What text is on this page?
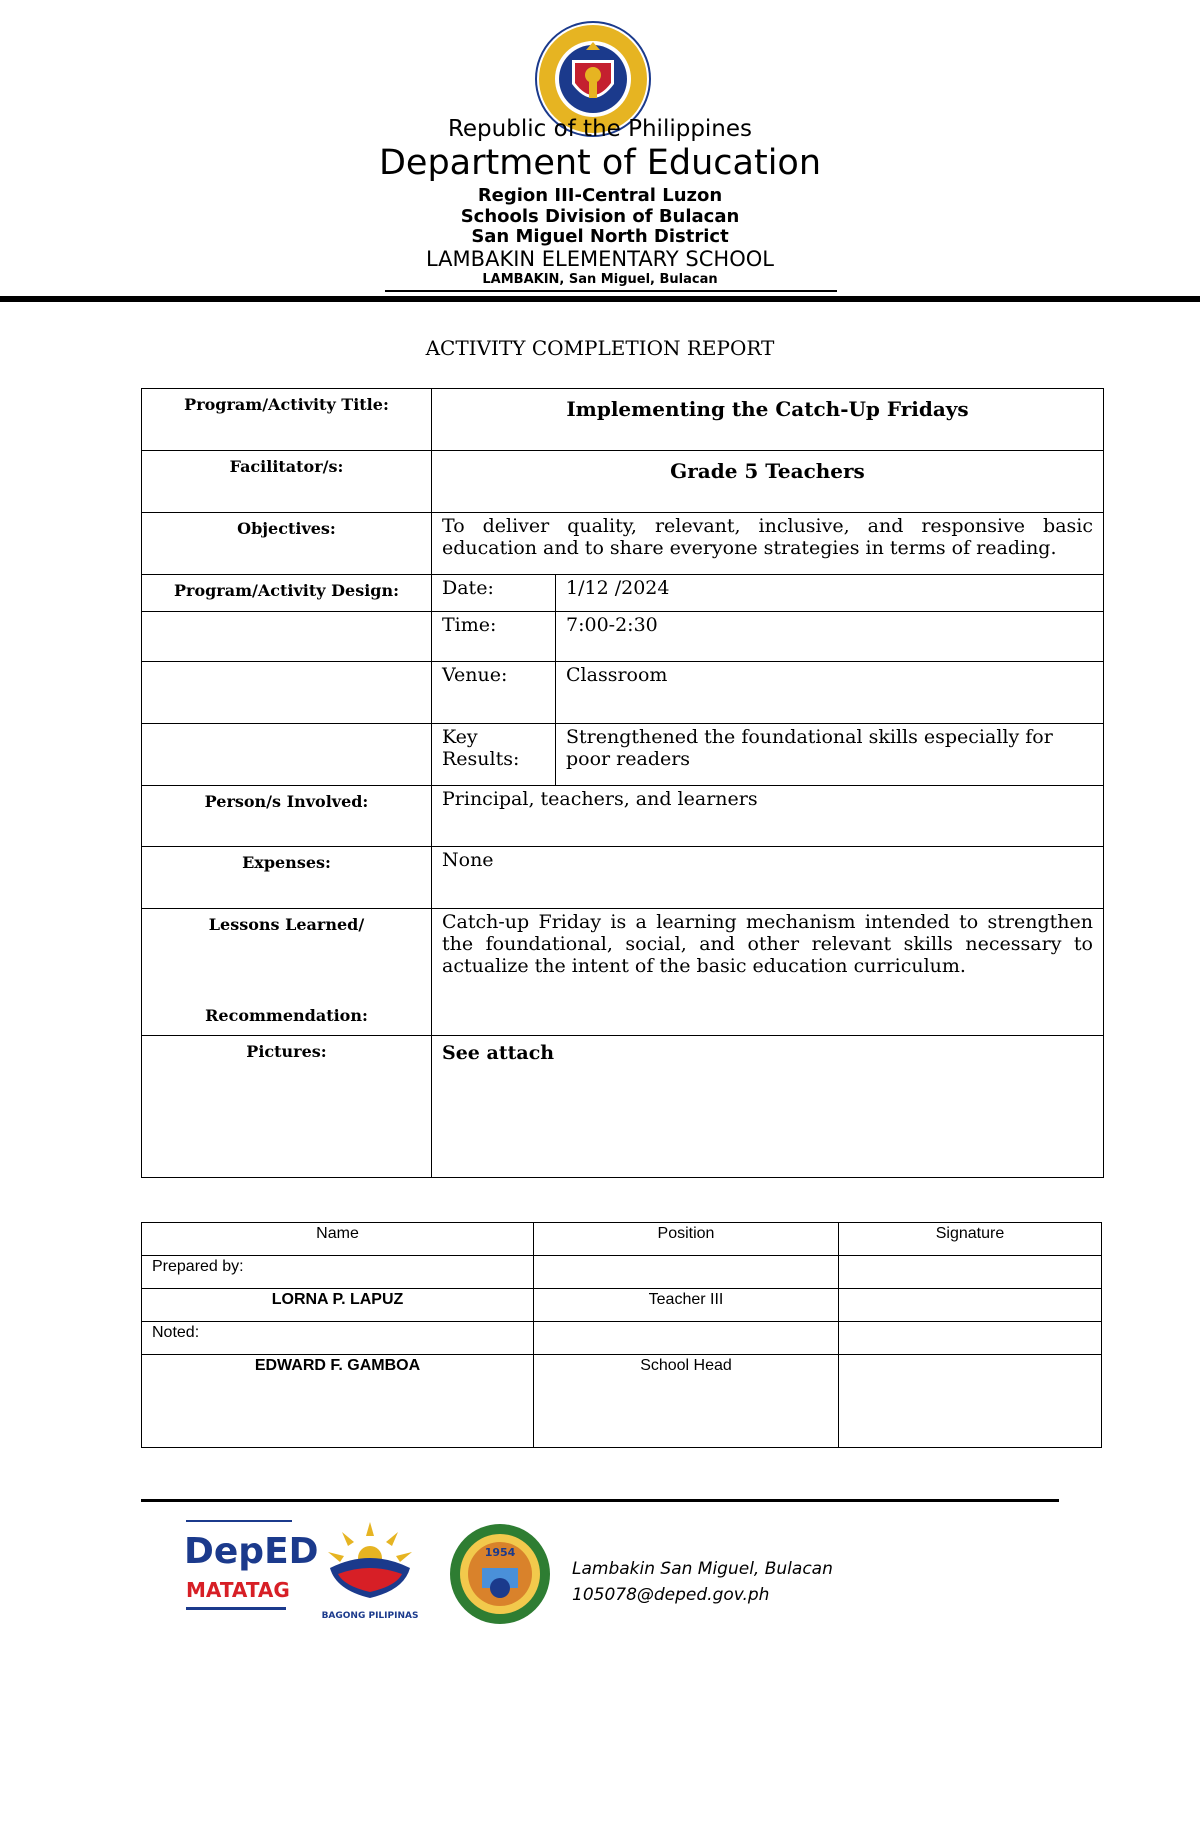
Republic of the Philippines
Department of Education
Region III-Central Luzon
Schools Division of Bulacan
San Miguel North District
LAMBAKIN ELEMENTARY SCHOOL
LAMBAKIN, San Miguel, Bulacan
ACTIVITY COMPLETION REPORT
Program/Activity Title:	Implementing the Catch-Up Fridays	
Facilitator/s:	Grade 5 Teachers	
Objectives:	To deliver quality, relevant, inclusive, and responsive basic education and to share everyone strategies in terms of reading.	
Program/Activity Design:	Date:	1/12 /2024
	Time:	7:00-2:30
	Venue:	Classroom
	Key Results:	Strengthened the foundational skills especially for poor readers
Person/s Involved:	Principal, teachers, and learners	
Expenses:	None	

Lessons Learned/
Recommendation:	Catch-up Friday is a learning mechanism intended to strengthen the foundational, social, and other relevant skills necessary to actualize the intent of the basic education curriculum.	
Pictures:	See attach	
Name	Position	Signature
Prepared by:		
LORNA P. LAPUZ	Teacher III	
Noted:		
EDWARD F. GAMBOA	School Head	
DepED
MATATAG
BAGONG PILIPINAS
1954
Lambakin San Miguel, Bulacan
105078@deped.gov.ph
